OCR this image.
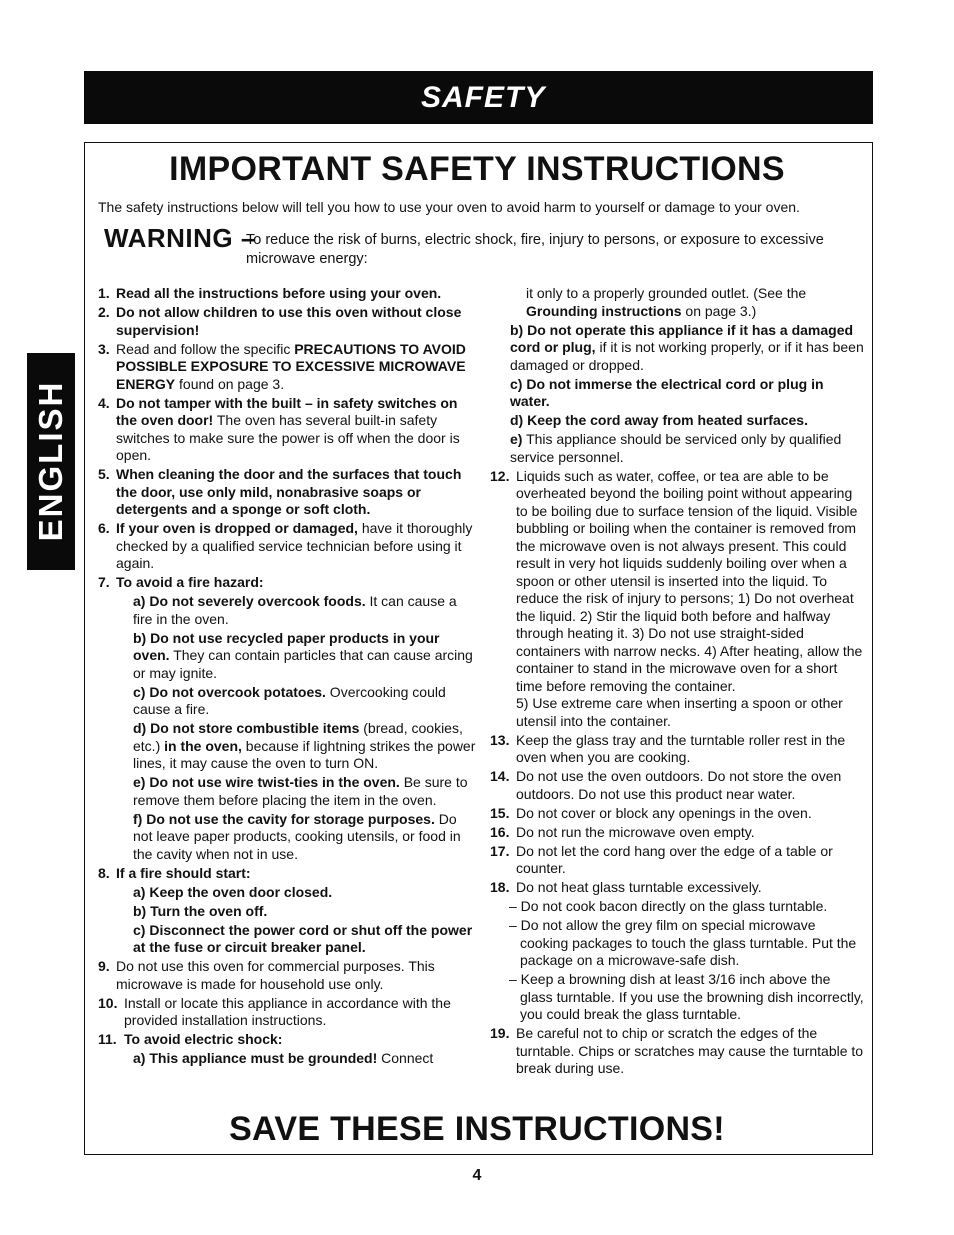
SAFETY
ENGLISH
IMPORTANT SAFETY INSTRUCTIONS
The safety instructions below will tell you how to use your oven to avoid harm to yourself or damage to your oven.
WARNING –
To reduce the risk of burns, electric shock, fire, injury to persons, or exposure to excessive
microwave energy:
1. Read all the instructions before using your oven.
2. Do not allow children to use this oven without close supervision!
3. Read and follow the specific PRECAUTIONS TO AVOID POSSIBLE EXPOSURE TO EXCESSIVE MICROWAVE ENERGY found on page 3.
4. Do not tamper with the built – in safety switches on the oven door! The oven has several built-in safety switches to make sure the power is off when the door is open.
5. When cleaning the door and the surfaces that touch the door, use only mild, nonabrasive soaps or detergents and a sponge or soft cloth.
6. If your oven is dropped or damaged, have it thoroughly checked by a qualified service technician before using it again.
7. To avoid a fire hazard:
a) Do not severely overcook foods. It can cause a fire in the oven.
b) Do not use recycled paper products in your oven. They can contain particles that can cause arcing or may ignite.
c) Do not overcook potatoes. Overcooking could cause a fire.
d) Do not store combustible items (bread, cookies, etc.) in the oven, because if lightning strikes the power lines, it may cause the oven to turn ON.
e) Do not use wire twist-ties in the oven. Be sure to remove them before placing the item in the oven.
f) Do not use the cavity for storage purposes. Do not leave paper products, cooking utensils, or food in the cavity when not in use.
8. If a fire should start:
a) Keep the oven door closed.
b) Turn the oven off.
c) Disconnect the power cord or shut off the power at the fuse or circuit breaker panel.
9. Do not use this oven for commercial purposes. This microwave is made for household use only.
10. Install or locate this appliance in accordance with the provided installation instructions.
11. To avoid electric shock:
a) This appliance must be grounded! Connect
it only to a properly grounded outlet. (See the Grounding instructions on page 3.)
b) Do not operate this appliance if it has a damaged cord or plug, if it is not working properly, or if it has been damaged or dropped.
c) Do not immerse the electrical cord or plug in water.
d) Keep the cord away from heated surfaces.
e) This appliance should be serviced only by qualified service personnel.
12. Liquids such as water, coffee, or tea are able to be overheated beyond the boiling point without appearing to be boiling due to surface tension of the liquid. Visible bubbling or boiling when the container is removed from the microwave oven is not always present. This could result in very hot liquids suddenly boiling over when a spoon or other utensil is inserted into the liquid. To reduce the risk of injury to persons; 1) Do not overheat the liquid. 2) Stir the liquid both before and halfway through heating it. 3) Do not use straight-sided containers with narrow necks. 4) After heating, allow the container to stand in the microwave oven for a short time before removing the container.
5) Use extreme care when inserting a spoon or other utensil into the container.
13. Keep the glass tray and the turntable roller rest in the oven when you are cooking.
14. Do not use the oven outdoors. Do not store the oven outdoors. Do not use this product near water.
15. Do not cover or block any openings in the oven.
16. Do not run the microwave oven empty.
17. Do not let the cord hang over the edge of a table or counter.
18. Do not heat glass turntable excessively.
– Do not cook bacon directly on the glass turntable.
– Do not allow the grey film on special microwave cooking packages to touch the glass turntable. Put the package on a microwave-safe dish.
– Keep a browning dish at least 3/16 inch above the glass turntable. If you use the browning dish incorrectly, you could break the glass turntable.
19. Be careful not to chip or scratch the edges of the turntable. Chips or scratches may cause the turntable to break during use.
SAVE THESE INSTRUCTIONS!
4
